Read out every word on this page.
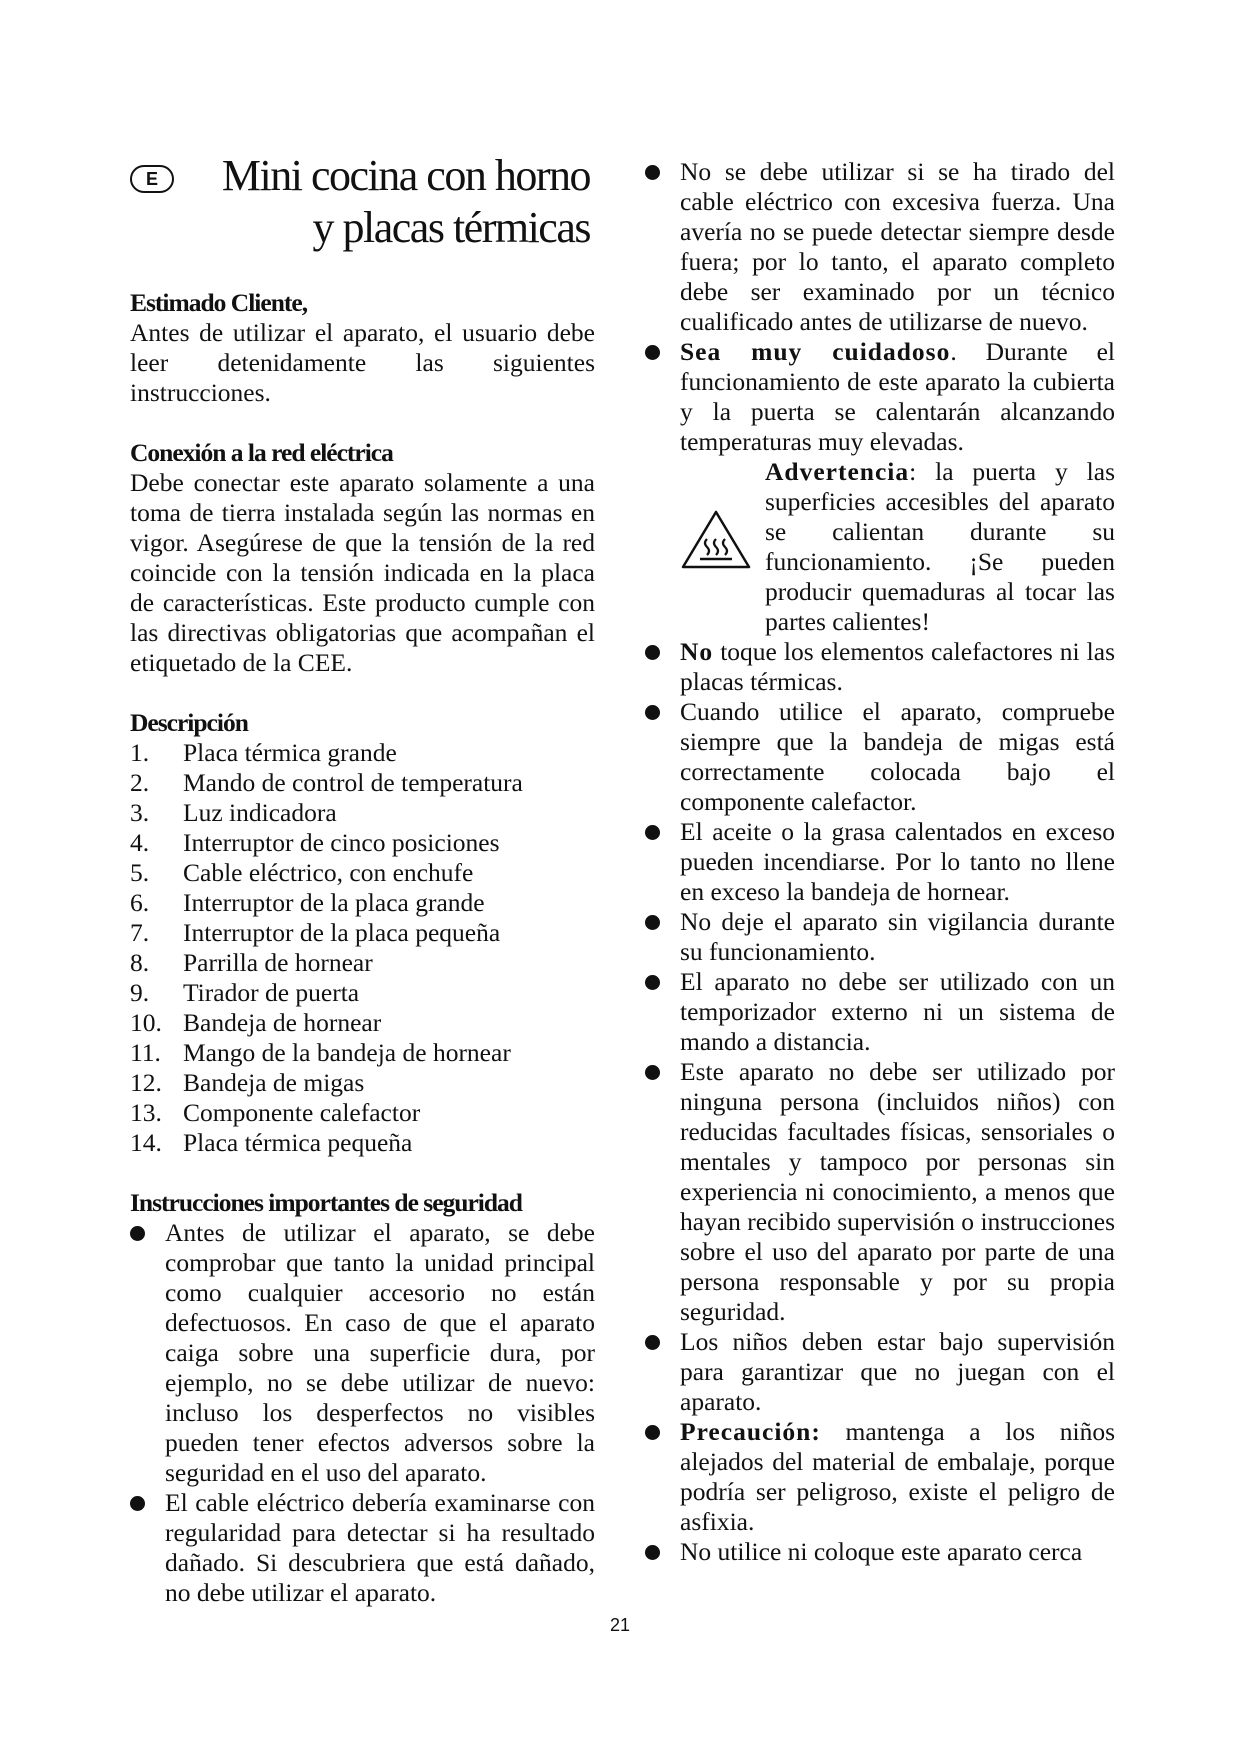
E	Mini cocina con horno
y placas térmicas
Estimado Cliente,

Antes de utilizar el aparato, el usuario debe leer detenidamente las siguientes instrucciones.

Conexión a la red eléctrica

Debe conectar este aparato solamente a una toma de tierra instalada según las normas en vigor. Asegúrese de que la tensión de la red coincide con la tensión indicada en la placa de características. Este producto cumple con las directivas obligatorias que acompañan el etiquetado de la CEE.

Descripción
1.	Placa térmica grande
2.	Mando de control de temperatura
3.	Luz indicadora
4.	Interruptor de cinco posiciones
5.	Cable eléctrico, con enchufe
6.	Interruptor de la placa grande
7.	Interruptor de la placa pequeña
8.	Parrilla de hornear
9.	Tirador de puerta
10. Bandeja de hornear
11. Mango de la bandeja de hornear
12. Bandeja de migas
13. Componente calefactor
14. Placa térmica pequeña
Instrucciones importantes de seguridad
Antes de utilizar el aparato, se debe comprobar que tanto la unidad principal como cualquier accesorio no están defectuosos. En caso de que el aparato caiga sobre una superficie dura, por ejemplo, no se debe utilizar de nuevo: incluso los desperfectos no visibles pueden tener efectos adversos sobre la seguridad en el uso del aparato.
El cable eléctrico debería examinarse con regularidad para detectar si ha resultado dañado. Si descubriera que está dañado, no debe utilizar el aparato.
No se debe utilizar si se ha tirado del cable eléctrico con excesiva fuerza. Una avería no se puede detectar siempre desde fuera; por lo tanto, el aparato completo debe ser examinado por un técnico cualificado antes de utilizarse de nuevo.
Sea muy cuidadoso. Durante el funcionamiento de este aparato la cubierta y la puerta se calentarán alcanzando temperaturas muy elevadas.
Advertencia: la puerta y las superficies accesibles del aparato se calientan durante su funcionamiento. ¡Se pueden producir quemaduras al tocar las partes calientes!
No toque los elementos calefactores ni las placas térmicas.
Cuando utilice el aparato, compruebe siempre que la bandeja de migas está correctamente colocada bajo el componente calefactor.
El aceite o la grasa calentados en exceso pueden incendiarse. Por lo tanto no llene en exceso la bandeja de hornear.
No deje el aparato sin vigilancia durante su funcionamiento.
El aparato no debe ser utilizado con un temporizador externo ni un sistema de mando a distancia.
Este aparato no debe ser utilizado por ninguna persona (incluidos niños) con reducidas facultades físicas, sensoriales o mentales y tampoco por personas sin experiencia ni conocimiento, a menos que hayan recibido supervisión o instrucciones sobre el uso del aparato por parte de una persona responsable y por su propia seguridad.
Los niños deben estar bajo supervisión para garantizar que no juegan con el aparato.
Precaución: mantenga a los niños alejados del material de embalaje, porque podría ser peligroso, existe el peligro de asfixia.
No utilice ni coloque este aparato cerca
21
